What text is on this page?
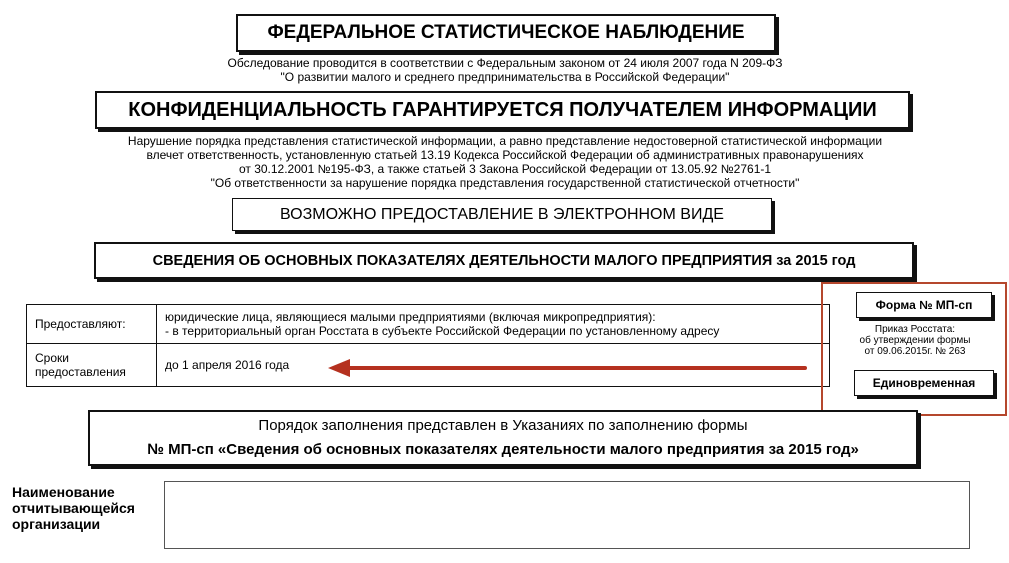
ФЕДЕРАЛЬНОЕ СТАТИСТИЧЕСКОЕ НАБЛЮДЕНИЕ
Обследование проводится в соответствии с Федеральным законом от 24 июля 2007 года N 209-ФЗ
"О развитии малого и среднего предпринимательства в Российской Федерации"
КОНФИДЕНЦИАЛЬНОСТЬ ГАРАНТИРУЕТСЯ ПОЛУЧАТЕЛЕМ ИНФОРМАЦИИ
Нарушение порядка представления статистической информации, а равно представление недостоверной статистической информации
влечет ответственность, установленную статьей 13.19 Кодекса Российской Федерации об административных правонарушениях
от 30.12.2001 №195-ФЗ, а также статьей 3 Закона Российской Федерации от 13.05.92 №2761-1
"Об ответственности за нарушение порядка представления государственной статистической отчетности"
ВОЗМОЖНО ПРЕДОСТАВЛЕНИЕ В ЭЛЕКТРОННОМ ВИДЕ
СВЕДЕНИЯ ОБ ОСНОВНЫХ ПОКАЗАТЕЛЯХ ДЕЯТЕЛЬНОСТИ МАЛОГО ПРЕДПРИЯТИЯ за 2015 год
Предоставляют:	юридические лица, являющиеся малыми предприятиями (включая микропредприятия):
- в территориальный орган Росстата в субъекте Российской Федерации по установленному адресу

Сроки предоставления	до 1 апреля 2016 года
Форма № МП-сп
Приказ Росстата:
об утверждении формы
от 09.06.2015г. № 263
Единовременная
Порядок заполнения представлен в Указаниях по заполнению формы
№ МП-сп «Сведения об основных показателях деятельности малого предприятия за 2015 год»
Наименование отчитывающейся организации
